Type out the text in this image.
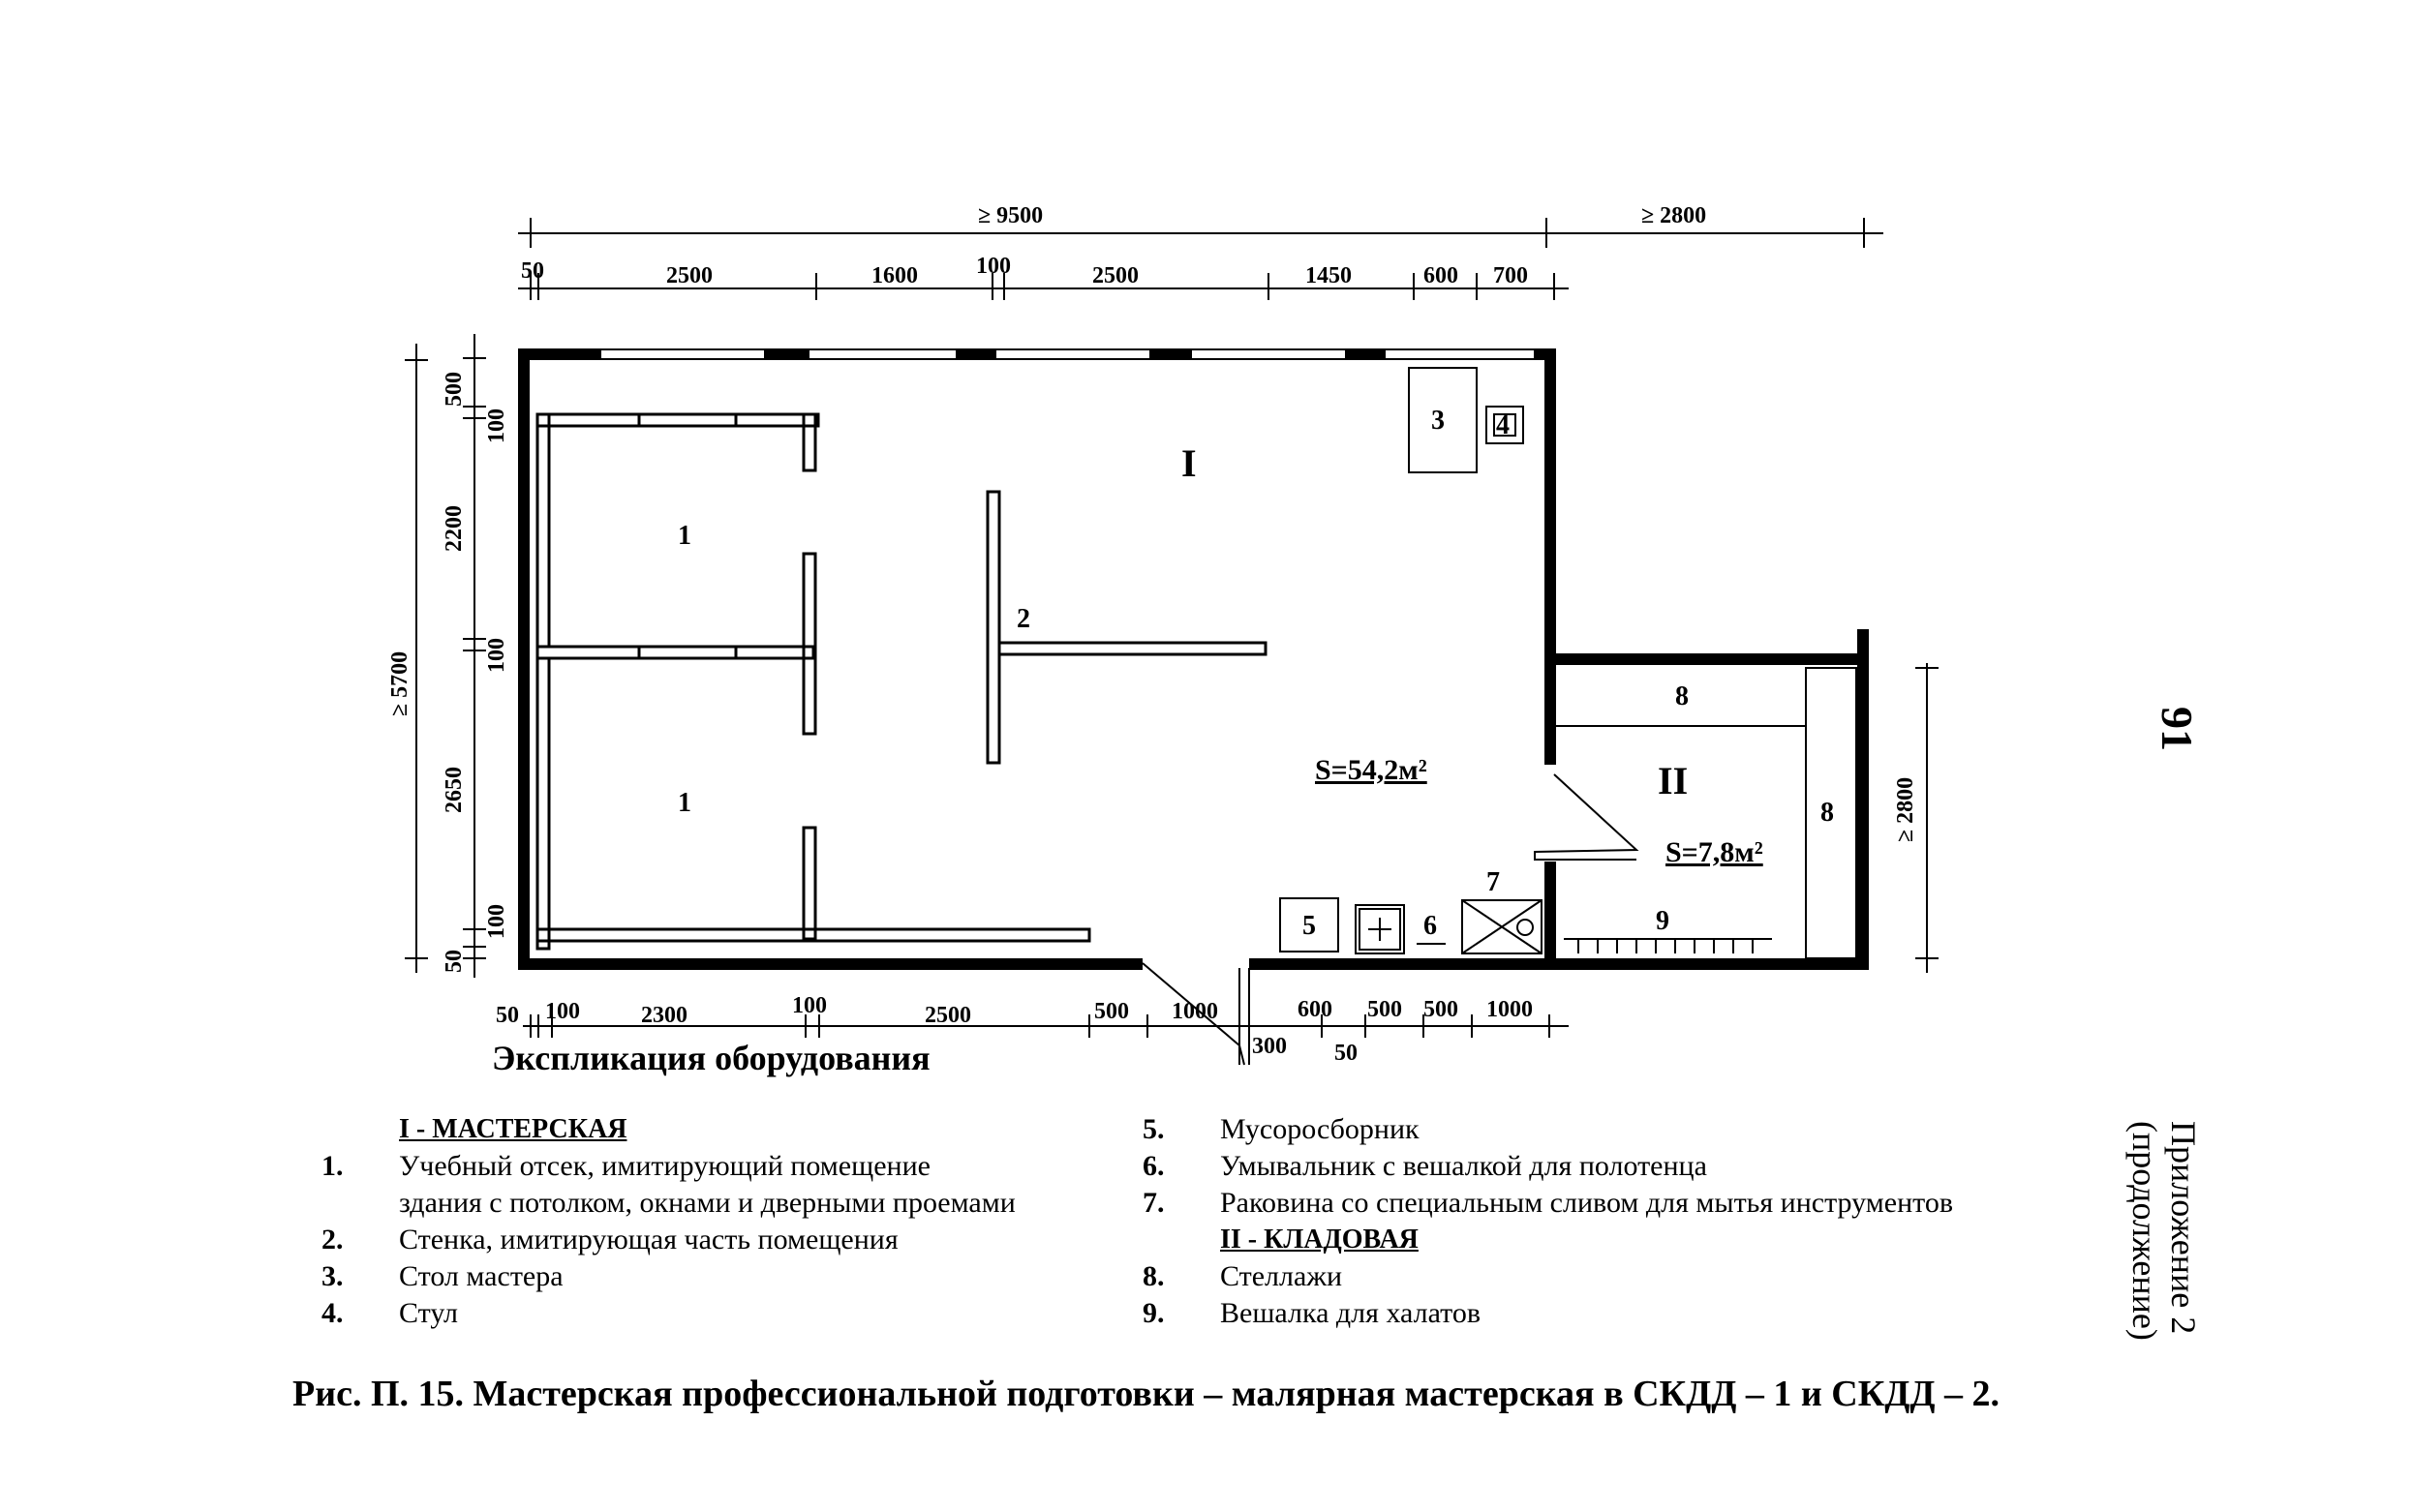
≥ 9500	≥ 2800
50	2500	1600	100	2500	1450	600 700
≥ 5700
500
100
2200
100
2650
100
50
50 100	2300	100	2500	500 1000	600 500 500 1000
300 50
≥ 2800
I
II
S=54,2м²
S=7,8м²
1
1
2
3 4
5	6
7
8
8
9
Экспликация оборудования
I - МАСТЕРСКАЯ
1.	Учебный отсек, имитирующий помещение
здания с потолком, окнами и дверными проемами
2.	Стенка, имитирующая часть помещения
3.	Стол мастера
4.	Стул
5.	Мусоросборник
6.	Умывальник с вешалкой для полотенца
7.	Раковина со специальным сливом для мытья инструментов
II - КЛАДОВАЯ
8.	Стеллажи
9.	Вешалка для халатов
Рис. П. 15. Мастерская профессиональной подготовки – малярная мастерская в СКДД – 1 и СКДД – 2.
Приложение 2
(продолжение)
91
